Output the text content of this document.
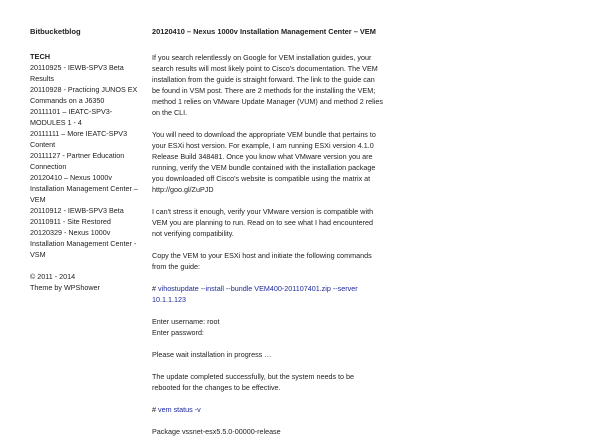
Bitbucketblog
TECH
20110925 - IEWB-SPV3 Beta Results
20110928 - Practicing JUNOS EX Commands on a J6350
20111101 – IEATC-SPV3-MODULES 1 - 4
20111111 – More IEATC-SPV3 Content
20111127 - Partner Education Connection
20120410 – Nexus 1000v Installation Management Center – VEM
20110912 - IEWB-SPV3 Beta
20110911 - Site Restored
20120329 - Nexus 1000v Installation Management Center - VSM
© 2011 - 2014
Theme by WPShower
20120410 – Nexus 1000v Installation Management Center – VEM

If you search relentlessly on Google for VEM installation guides, your search results will most likely point to Cisco's documentation. The VEM installation from the guide is straight forward. The link to the guide can be found in VSM post. There are 2 methods for the installing the VEM; method 1 relies on VMware Update Manager (VUM) and method 2 relies on the CLI.

You will need to download the appropriate VEM bundle that pertains to your ESXi host version. For example, I am running ESXi version 4.1.0 Release Build 348481. Once you know what VMware version you are running, verify the VEM bundle contained with the installation package you downloaded off Cisco's website is compatible using the matrix at http://goo.gl/ZuPJD

I can't stress it enough, verify your VMware version is compatible with VEM you are planning to run. Read on to see what I had encountered not verifying compatibility.

Copy the VEM to your ESXi host and initiate the following commands from the guide:

# vihostupdate --install --bundle VEM400-201107401.zip --server 10.1.1.123

Enter username: root
Enter password:

Please wait installation in progress …

The update completed successfully, but the system needs to be rebooted for the changes to be effective.

# vem status -v

Package vssnet-esx5.5.0-00000-release
